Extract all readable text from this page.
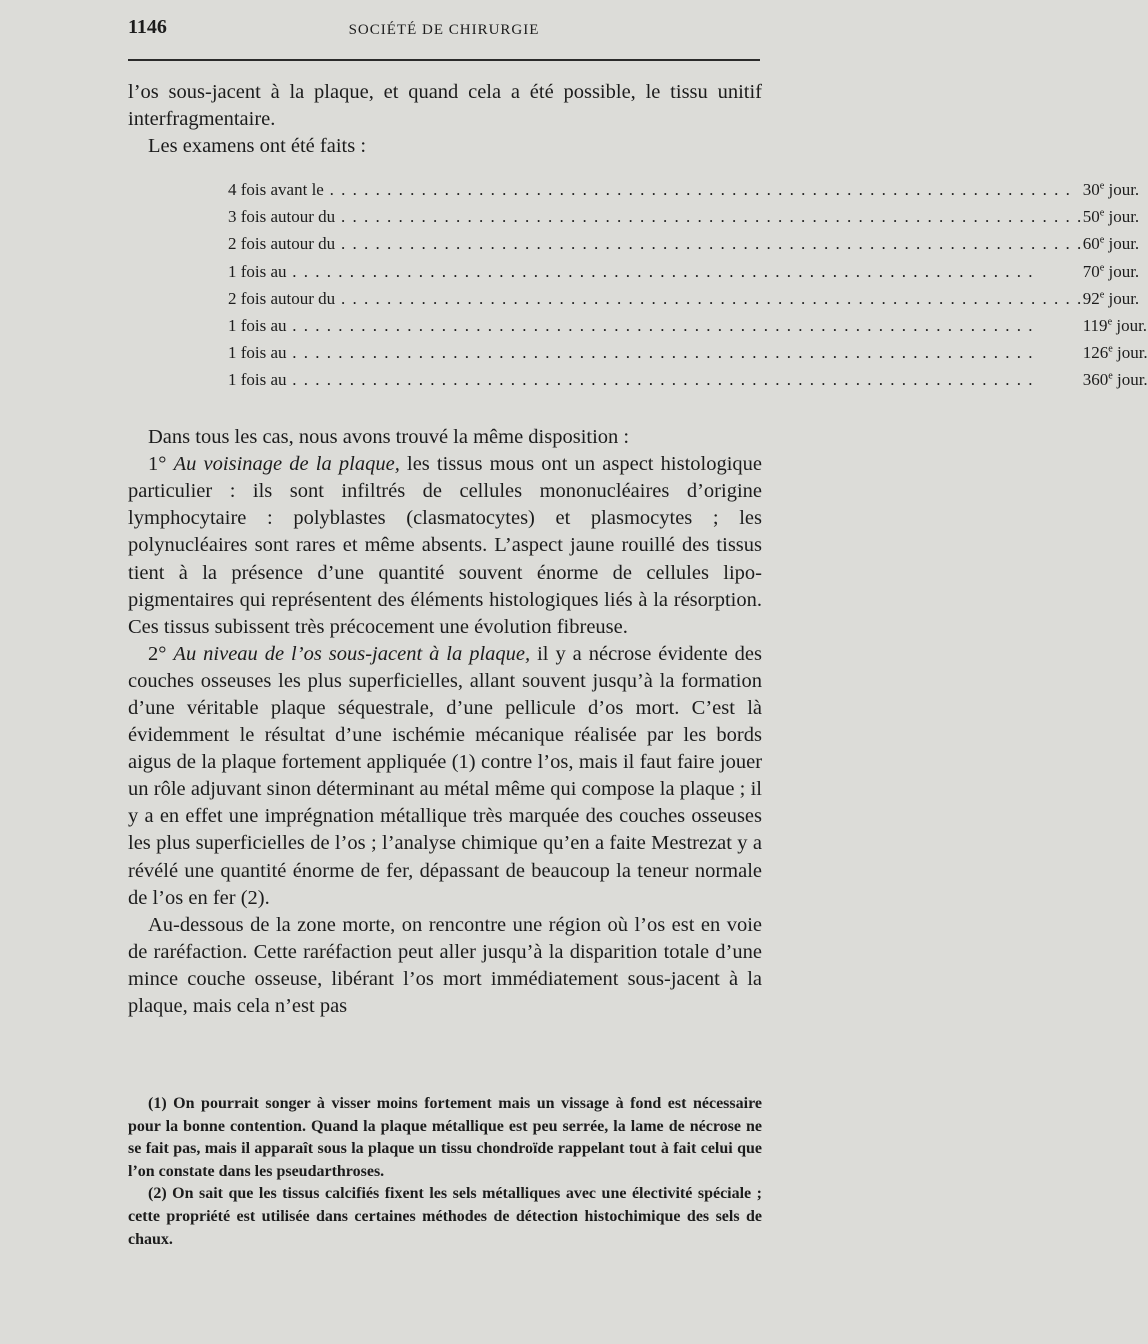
1146	SOCIÉTÉ DE CHIRURGIE

l’os sous-jacent à la plaque, et quand cela a été possible, le tissu unitif interfragmentaire.

Les examens ont été faits :

4 fois avant le . . .	30e jour.

3 fois autour du . . .	50e jour.

2 fois autour du . . .	60e jour.

1 fois au . . .	70e jour.

2 fois autour du . . .	92e jour.

1 fois au . . .	119e jour.

1 fois au . . .	126e jour.

1 fois au . . .	360e jour.

Dans tous les cas, nous avons trouvé la même disposition :

1° Au voisinage de la plaque, les tissus mous ont un aspect histologique particulier : ils sont infiltrés de cellules mononucléaires d’origine lymphocytaire : polyblastes (clasmatocytes) et plasmocytes ; les polynucléaires sont rares et même absents. L’aspect jaune rouillé des tissus tient à la présence d’une quantité souvent énorme de cellules lipo-pigmentaires qui représentent des éléments histologiques liés à la résorption. Ces tissus subissent très précocement une évolution fibreuse.

2° Au niveau de l’os sous-jacent à la plaque, il y a nécrose évidente des couches osseuses les plus superficielles, allant souvent jusqu’à la formation d’une véritable plaque séquestrale, d’une pellicule d’os mort. C’est là évidemment le résultat d’une ischémie mécanique réalisée par les bords aigus de la plaque fortement appliquée (1) contre l’os, mais il faut faire jouer un rôle adjuvant sinon déterminant au métal même qui compose la plaque ; il y a en effet une imprégnation métallique très marquée des couches osseuses les plus superficielles de l’os ; l’analyse chimique qu’en a faite Mestrezat y a révélé une quantité énorme de fer, dépassant de beaucoup la teneur normale de l’os en fer (2).

Au-dessous de la zone morte, on rencontre une région où l’os est en voie de raréfaction. Cette raréfaction peut aller jusqu’à la disparition totale d’une mince couche osseuse, libérant l’os mort immédiatement sous-jacent à la plaque, mais cela n’est pas

(1) On pourrait songer à visser moins fortement mais un vissage à fond est nécessaire pour la bonne contention. Quand la plaque métallique est peu serrée, la lame de nécrose ne se fait pas, mais il apparaît sous la plaque un tissu chondroïde rappelant tout à fait celui que l’on constate dans les pseudarthroses.

(2) On sait que les tissus calcifiés fixent les sels métalliques avec une électivité spéciale ; cette propriété est utilisée dans certaines méthodes de détection histochimique des sels de chaux.
